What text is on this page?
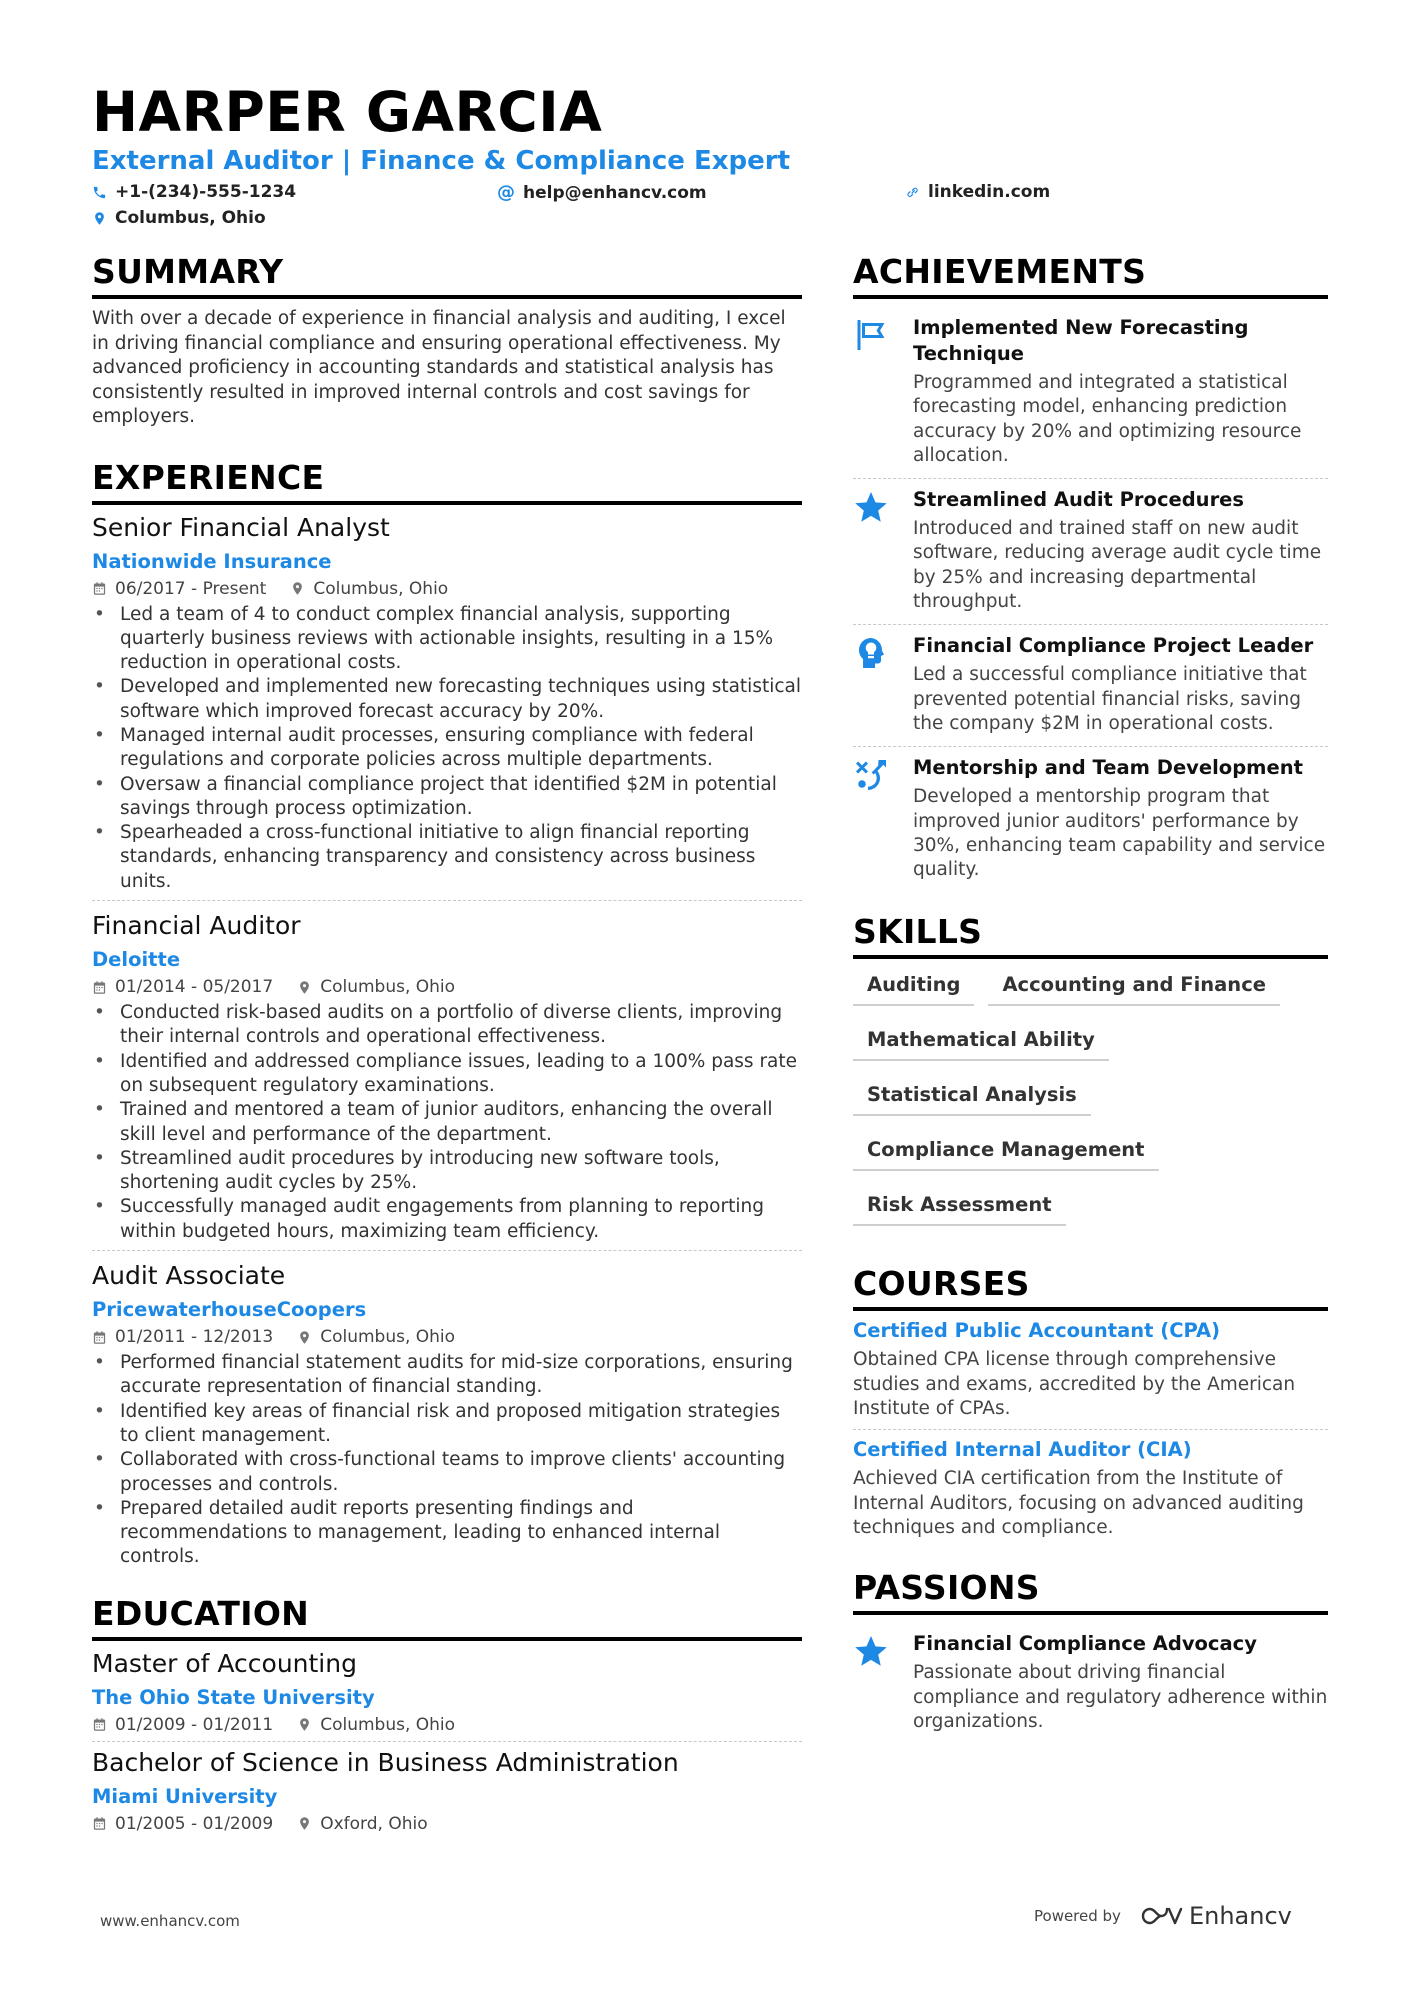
HARPER GARCIA
External Auditor | Finance & Compliance Expert
+1-(234)-555-1234	@ help@enhancv.com	linkedin.com
Columbus, Ohio
SUMMARY

With over a decade of experience in financial analysis and auditing, I excel in driving financial compliance and ensuring operational effectiveness. My advanced proficiency in accounting standards and statistical analysis has consistently resulted in improved internal controls and cost savings for employers.

EXPERIENCE
Senior Financial Analyst
Nationwide Insurance
06/2017 - Present	Columbus, Ohio
• Led a team of 4 to conduct complex financial analysis, supporting quarterly business reviews with actionable insights, resulting in a 15% reduction in operational costs.
• Developed and implemented new forecasting techniques using statistical software which improved forecast accuracy by 20%.
• Managed internal audit processes, ensuring compliance with federal regulations and corporate policies across multiple departments.
• Oversaw a financial compliance project that identified $2M in potential savings through process optimization.
• Spearheaded a cross-functional initiative to align financial reporting standards, enhancing transparency and consistency across business units.
Financial Auditor
Deloitte
01/2014 - 05/2017	Columbus, Ohio
• Conducted risk-based audits on a portfolio of diverse clients, improving their internal controls and operational effectiveness.
• Identified and addressed compliance issues, leading to a 100% pass rate on subsequent regulatory examinations.
• Trained and mentored a team of junior auditors, enhancing the overall skill level and performance of the department.
• Streamlined audit procedures by introducing new software tools, shortening audit cycles by 25%.
• Successfully managed audit engagements from planning to reporting within budgeted hours, maximizing team efficiency.
Audit Associate
PricewaterhouseCoopers
01/2011 - 12/2013	Columbus, Ohio
• Performed financial statement audits for mid-size corporations, ensuring accurate representation of financial standing.
• Identified key areas of financial risk and proposed mitigation strategies to client management.
• Collaborated with cross-functional teams to improve clients' accounting processes and controls.
• Prepared detailed audit reports presenting findings and recommendations to management, leading to enhanced internal controls.
EDUCATION
Master of Accounting
The Ohio State University
01/2009 - 01/2011	Columbus, Ohio
Bachelor of Science in Business Administration
Miami University
01/2005 - 01/2009	Oxford, Ohio
ACHIEVEMENTS
Implemented New Forecasting Technique
Programmed and integrated a statistical forecasting model, enhancing prediction accuracy by 20% and optimizing resource allocation.
Streamlined Audit Procedures
Introduced and trained staff on new audit software, reducing average audit cycle time by 25% and increasing departmental throughput.
Financial Compliance Project Leader
Led a successful compliance initiative that prevented potential financial risks, saving the company $2M in operational costs.
Mentorship and Team Development
Developed a mentorship program that improved junior auditors' performance by 30%, enhancing team capability and service quality.
SKILLS
Auditing	Accounting and Finance
Mathematical Ability
Statistical Analysis
Compliance Management
Risk Assessment
COURSES
Certified Public Accountant (CPA)
Obtained CPA license through comprehensive studies and exams, accredited by the American Institute of CPAs.
Certified Internal Auditor (CIA)
Achieved CIA certification from the Institute of Internal Auditors, focusing on advanced auditing techniques and compliance.
PASSIONS
Financial Compliance Advocacy
Passionate about driving financial compliance and regulatory adherence within organizations.
www.enhancv.com	Powered by	Enhancv
